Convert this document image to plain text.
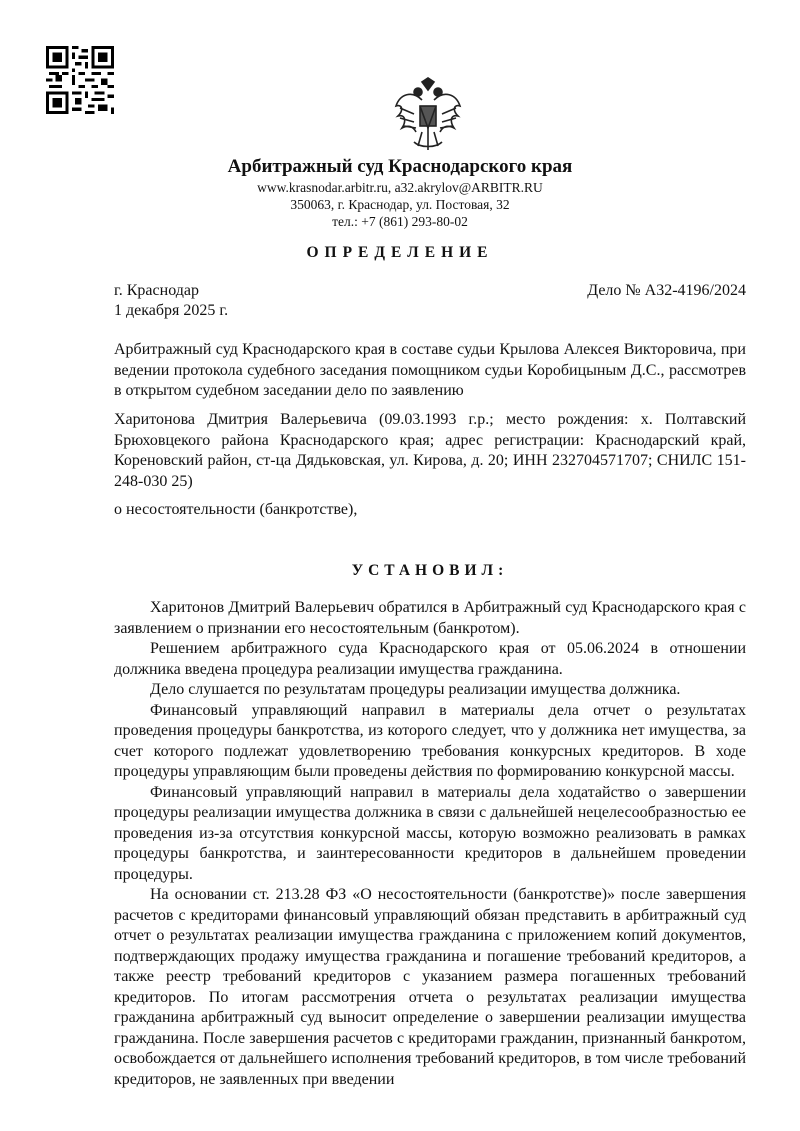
Арбитражный суд Краснодарского края
www.krasnodar.arbitr.ru, a32.akrylov@ARBITR.RU
350063, г. Краснодар, ул. Постовая, 32
тел.: +7 (861) 293-80-02
ОПРЕДЕЛЕНИЕ
г. Краснодар
1 декабря 2025 г.
Дело № А32-4196/2024

Арбитражный суд Краснодарского края в составе судьи Крылова Алексея Викторовича, при ведении протокола судебного заседания помощником судьи Коробицыным Д.С., рассмотрев в открытом судебном заседании дело по заявлению

Харитонова Дмитрия Валерьевича (09.03.1993 г.р.; место рождения: х. Полтавский Брюховцекого района Краснодарского края; адрес регистрации: Краснодарский край, Кореновский район, ст-ца Дядьковская, ул. Кирова, д. 20; ИНН 232704571707; СНИЛС 151-248-030 25)

о несостоятельности (банкротстве),

УСТАНОВИЛ:

Харитонов Дмитрий Валерьевич обратился в Арбитражный суд Краснодарского края с заявлением о признании его несостоятельным (банкротом).

Решением арбитражного суда Краснодарского края от 05.06.2024 в отношении должника введена процедура реализации имущества гражданина.

Дело слушается по результатам процедуры реализации имущества должника.

Финансовый управляющий направил в материалы дела отчет о результатах проведения процедуры банкротства, из которого следует, что у должника нет имущества, за счет которого подлежат удовлетворению требования конкурсных кредиторов. В ходе процедуры управляющим были проведены действия по формированию конкурсной массы.

Финансовый управляющий направил в материалы дела ходатайство о завершении процедуры реализации имущества должника в связи с дальнейшей нецелесообразностью ее проведения из-за отсутствия конкурсной массы, которую возможно реализовать в рамках процедуры банкротства, и заинтересованности кредиторов в дальнейшем проведении процедуры.

На основании ст. 213.28 ФЗ «О несостоятельности (банкротстве)» после завершения расчетов с кредиторами финансовый управляющий обязан представить в арбитражный суд отчет о результатах реализации имущества гражданина с приложением копий документов, подтверждающих продажу имущества гражданина и погашение требований кредиторов, а также реестр требований кредиторов с указанием размера погашенных требований кредиторов. По итогам рассмотрения отчета о результатах реализации имущества гражданина арбитражный суд выносит определение о завершении реализации имущества гражданина. После завершения расчетов с кредиторами гражданин, признанный банкротом, освобождается от дальнейшего исполнения требований кредиторов, в том числе требований кредиторов, не заявленных при введении
